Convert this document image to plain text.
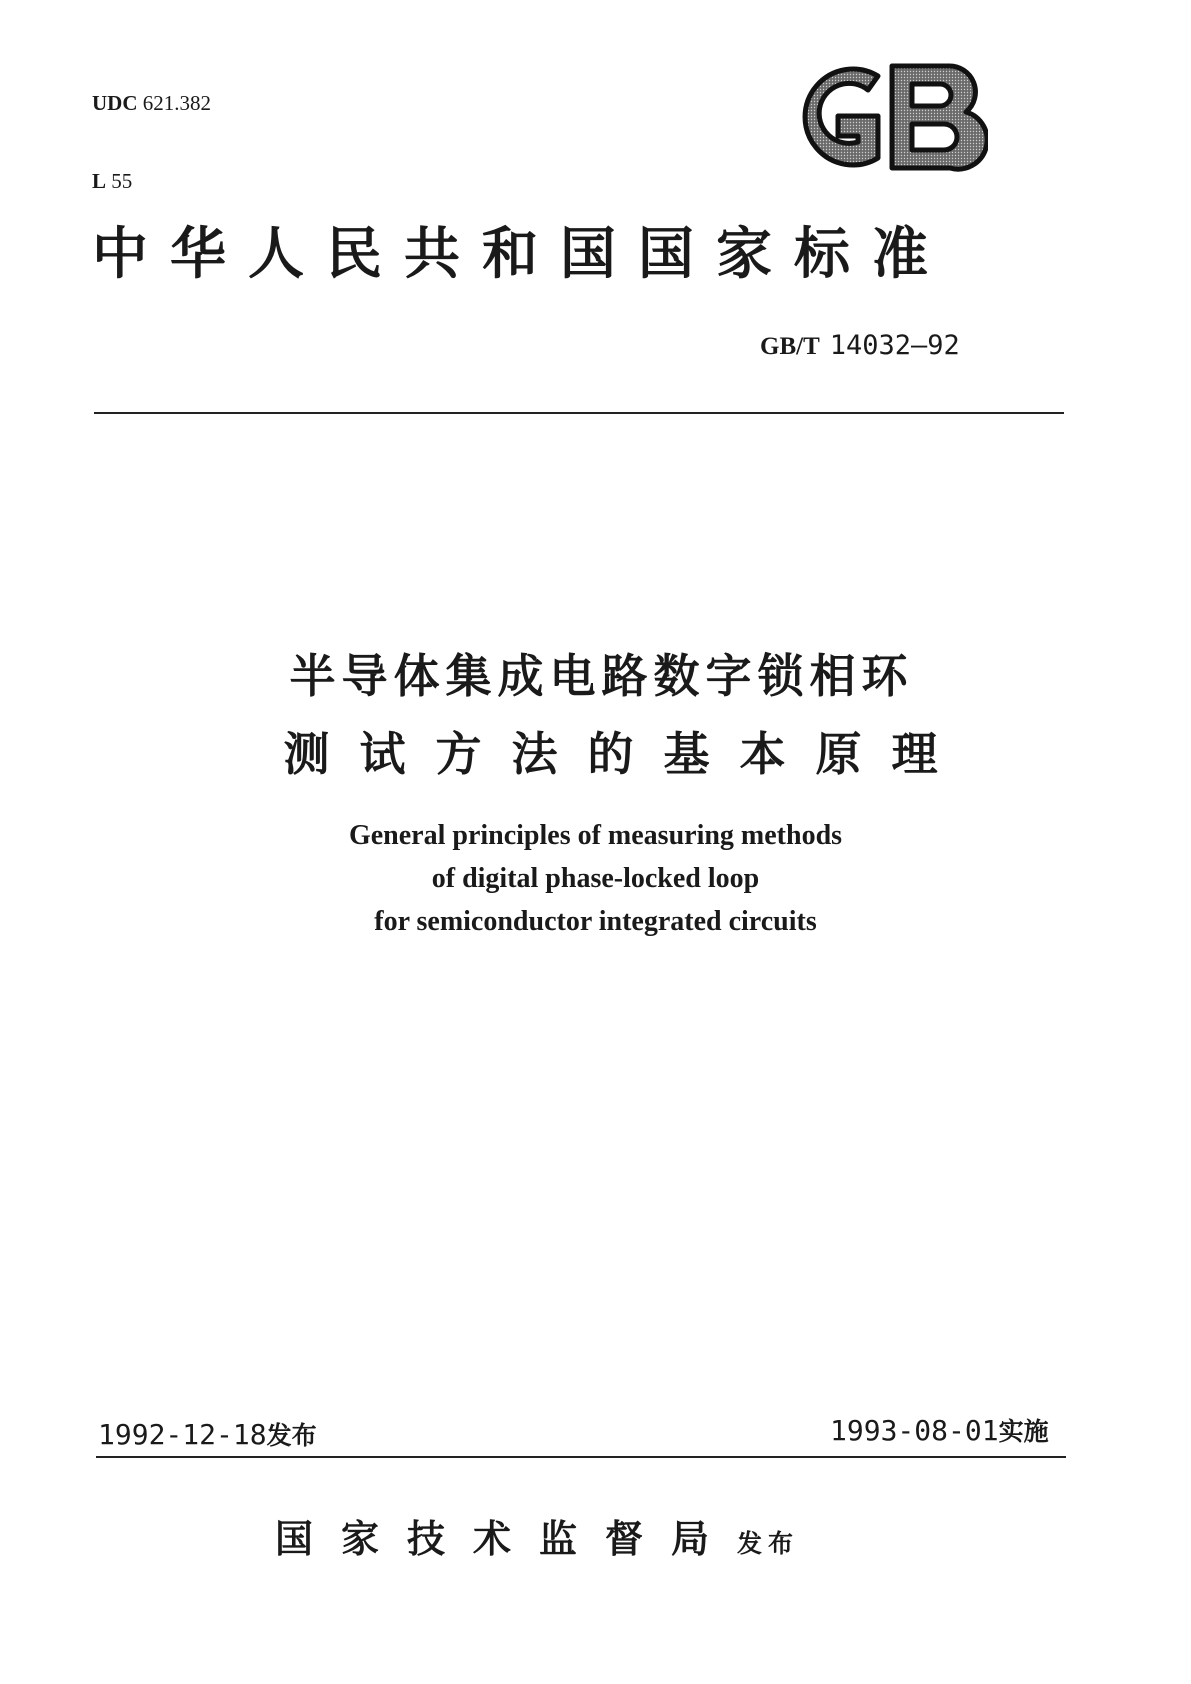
UDC 621.382

L 55

中华人民共和国国家标准
GB/T 14032—92
半导体集成电路数字锁相环
测试方法的基本原理
General principles of measuring methods
of digital phase-locked loop
for semiconductor integrated circuits
1992-12-18发布	1993-08-01实施
国家技术监督局发布
